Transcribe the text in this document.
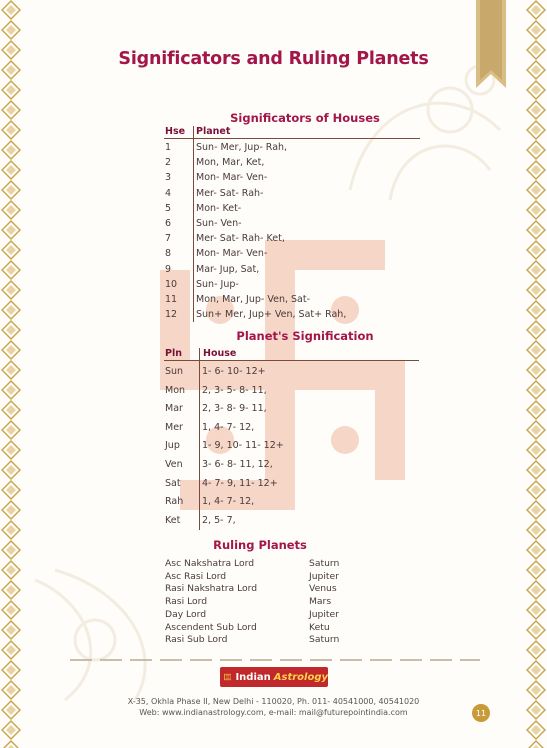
Significators and Ruling Planets
Significators of Houses
Hse Planet
1	Sun- Mer, Jup- Rah,
2	Mon, Mar, Ket,
3	Mon- Mar- Ven-
4	Mer- Sat- Rah-
5	Mon- Ket-
6	Sun- Ven-
7	Mer- Sat- Rah- Ket,
8	Mon- Mar- Ven-
9	Mar- Jup, Sat,
10 Sun- Jup-
11 Mon, Mar, Jup- Ven, Sat-
12 Sun+ Mer, Jup+ Ven, Sat+ Rah,
Planet's Signification
Pln House
Sun 1- 6- 10- 12+
Mon 2, 3- 5- 8- 11,
Mar 2, 3- 8- 9- 11,
Mer 1, 4- 7- 12,
Jup 1- 9, 10- 11- 12+
Ven 3- 6- 8- 11, 12,
Sat 4- 7- 9, 11- 12+
Rah 1, 4- 7- 12,
Ket 2, 5- 7,
Ruling Planets
Asc Nakshatra Lord	Saturn
Asc Rasi Lord	Jupiter
Rasi Nakshatra Lord	Venus
Rasi Lord	Mars
Day Lord	Jupiter
Ascendent Sub Lord	Ketu
Rasi Sub Lord	Saturn
Indian Astrology
X-35, Okhla Phase II, New Delhi - 110020, Ph. 011- 40541000, 40541020
Web: www.indianastrology.com, e-mail: mail@futurepointindia.com	11
